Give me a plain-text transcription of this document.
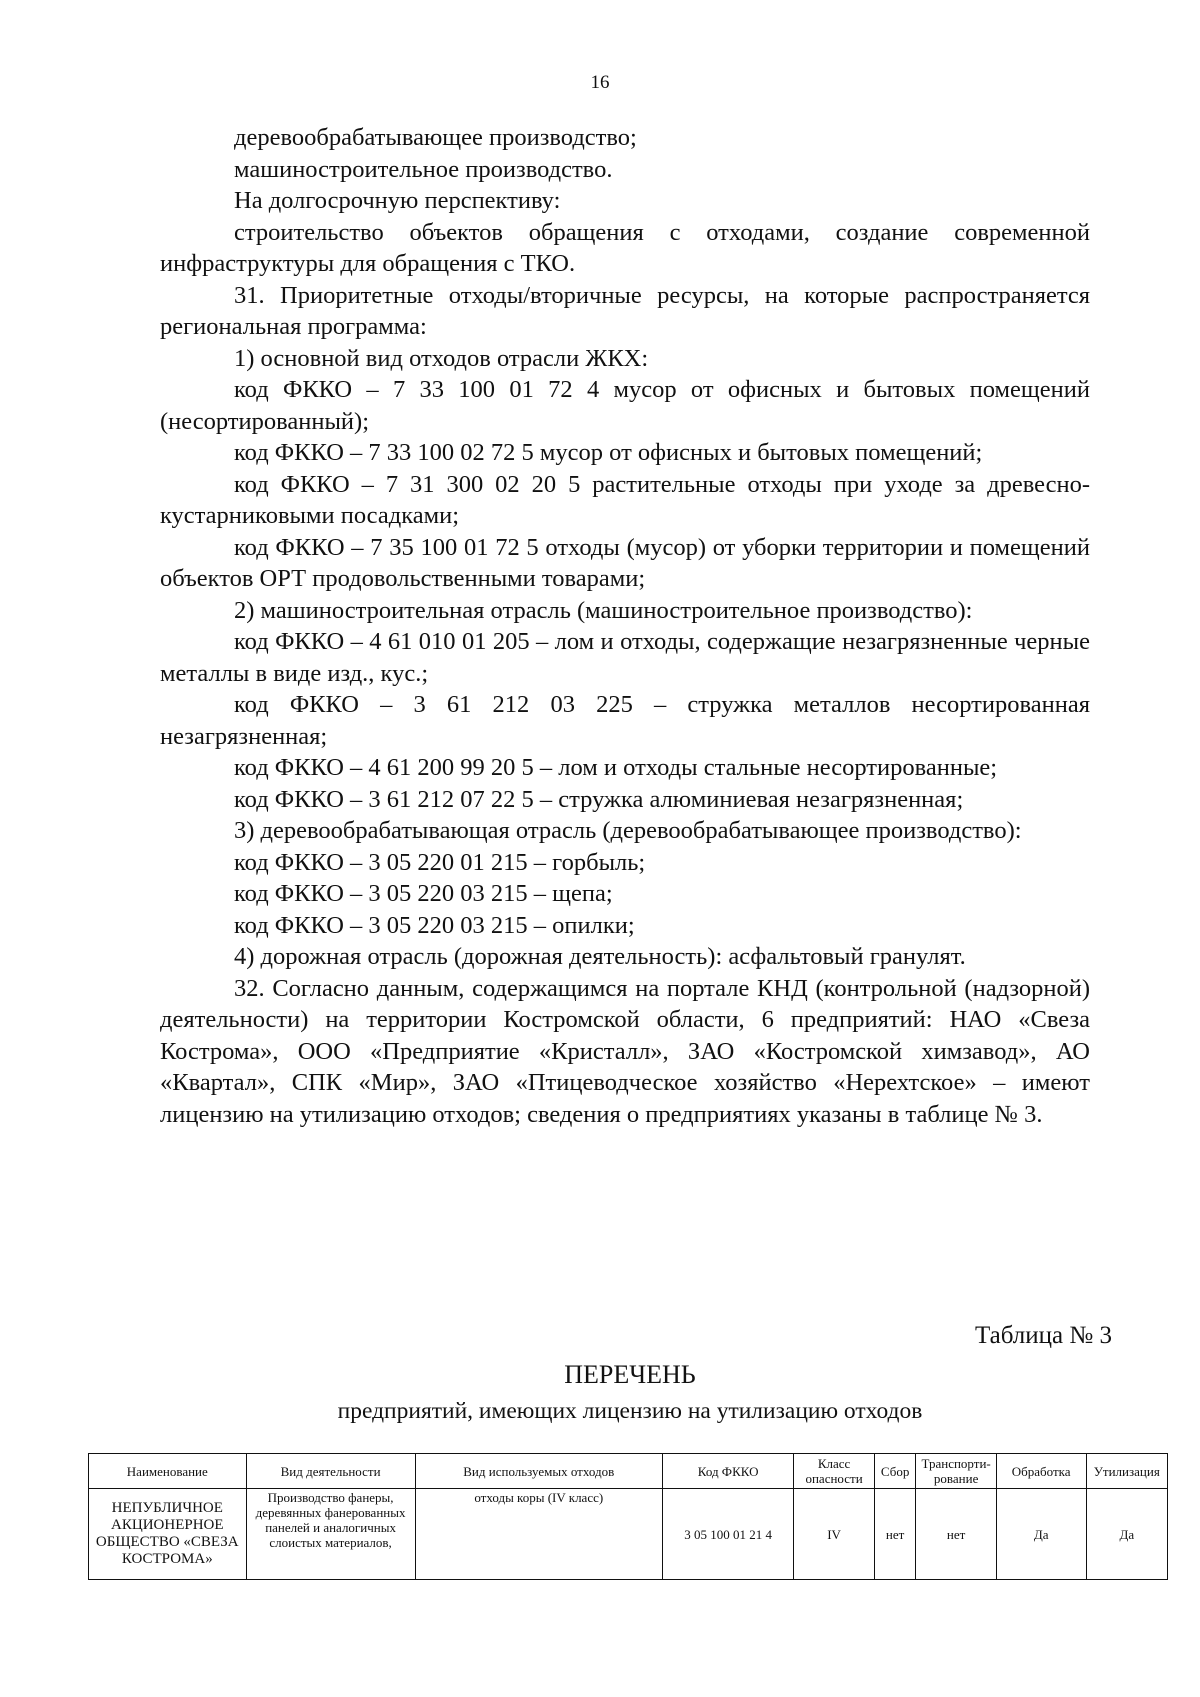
16

деревообрабатывающее производство;

машиностроительное производство.

На долгосрочную перспективу:

строительство объектов обращения с отходами, создание современной инфраструктуры для обращения с ТКО.

31. Приоритетные отходы/вторичные ресурсы, на которые распространяется региональная программа:

1) основной вид отходов отрасли ЖКХ:

код ФККО – 7 33 100 01 72 4 мусор от офисных и бытовых помещений (несортированный);

код ФККО – 7 33 100 02 72 5 мусор от офисных и бытовых помещений;

код ФККО – 7 31 300 02 20 5 растительные отходы при уходе за древесно-кустарниковыми посадками;

код ФККО – 7 35 100 01 72 5 отходы (мусор) от уборки территории и помещений объектов ОРТ продовольственными товарами;

2) машиностроительная отрасль (машиностроительное производство):

код ФККО – 4 61 010 01 205 – лом и отходы, содержащие незагрязненные черные металлы в виде изд., кус.;

код ФККО – 3 61 212 03 225 – стружка металлов несортированная незагрязненная;

код ФККО – 4 61 200 99 20 5 – лом и отходы стальные несортированные;

код ФККО – 3 61 212 07 22 5 – стружка алюминиевая незагрязненная;

3) деревообрабатывающая отрасль (деревообрабатывающее производство):

код ФККО – 3 05 220 01 215 – горбыль;

код ФККО – 3 05 220 03 215 – щепа;

код ФККО – 3 05 220 03 215 – опилки;

4) дорожная отрасль (дорожная деятельность): асфальтовый гранулят.

32. Согласно данным, содержащимся на портале КНД (контрольной (надзорной) деятельности) на территории Костромской области, 6 предприятий: НАО «Свеза Кострома», ООО «Предприятие «Кристалл», ЗАО «Костромской химзавод», АО «Квартал», СПК «Мир», ЗАО «Птицеводческое хозяйство «Нерехтское» – имеют лицензию на утилизацию отходов; сведения о предприятиях указаны в таблице № 3.

Таблица № 3
ПЕРЕЧЕНЬ
предприятий, имеющих лицензию на утилизацию отходов
Наименование	Вид деятельности	Вид используемых отходов	Код ФККО	Класс опасности	Сбор	Транспорти-рование	Обработка	Утилизация
НЕПУБЛИЧНОЕ АКЦИОНЕРНОЕ ОБЩЕСТВО «СВЕЗА КОСТРОМА»	Производство фанеры, деревянных фанерованных панелей и аналогичных слоистых материалов,	отходы коры (IV класс)	3 05 100 01 21 4	IV	нет	нет	Да	Да
